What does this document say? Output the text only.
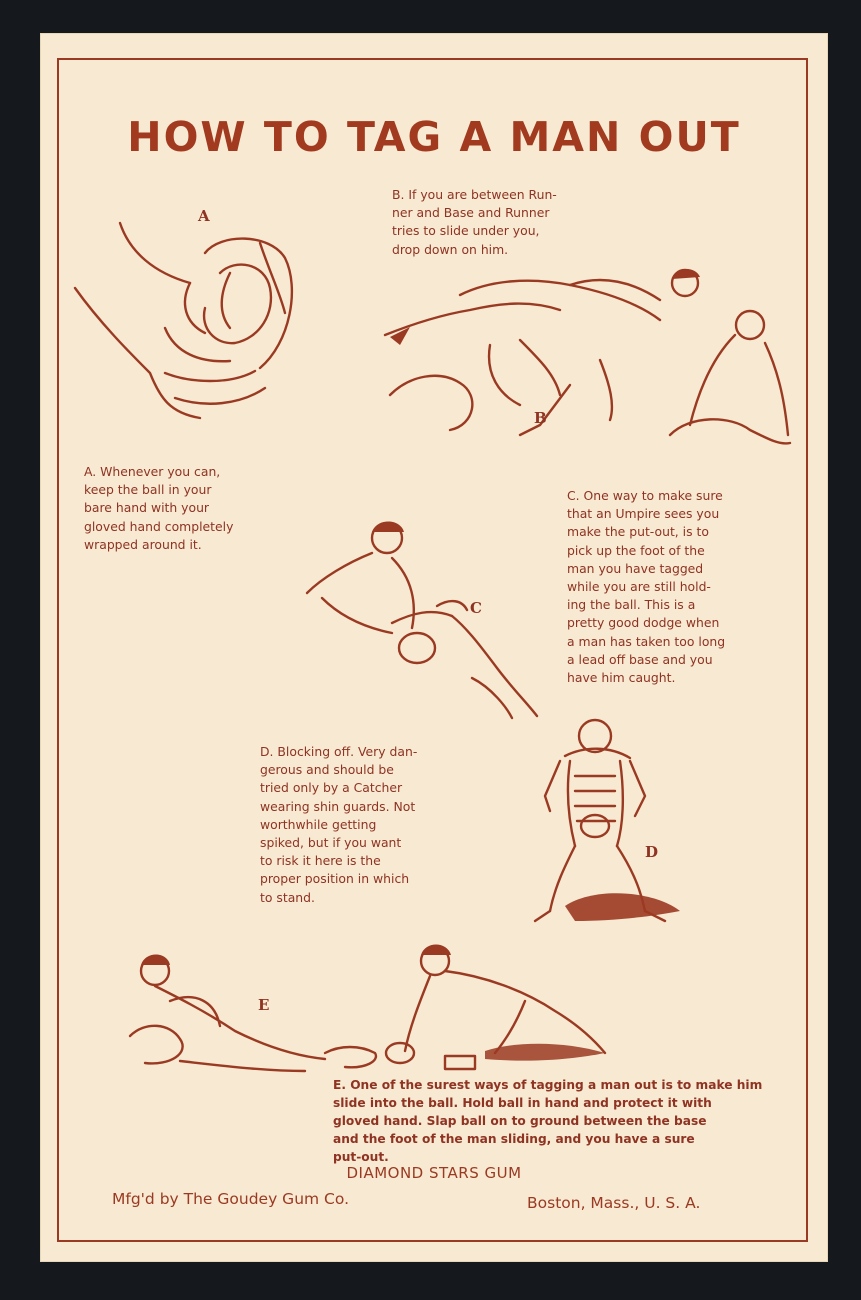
HOW TO TAG A MAN OUT
A
B
C
D
E

A. Whenever you can,
keep the ball in your
bare hand with your
gloved hand completely
wrapped around it.

B. If you are between Run-
ner and Base and Runner
tries to slide under you,
drop down on him.

C. One way to make sure
that an Umpire sees you
make the put-out, is to
pick up the foot of the
man you have tagged
while you are still hold-
ing the ball. This is a
pretty good dodge when
a man has taken too long
a lead off base and you
have him caught.

D. Blocking off. Very dan-
gerous and should be
tried only by a Catcher
wearing shin guards. Not
worthwhile getting
spiked, but if you want
to risk it here is the
proper position in which
to stand.

E. One of the surest ways of tagging a man out is to make him
slide into the ball. Hold ball in hand and protect it with
gloved hand. Slap ball on to ground between the base
and the foot of the man sliding, and you have a sure
put-out.

DIAMOND STARS GUM

Mfg'd by The Goudey Gum Co.	Boston, Mass., U. S. A.
